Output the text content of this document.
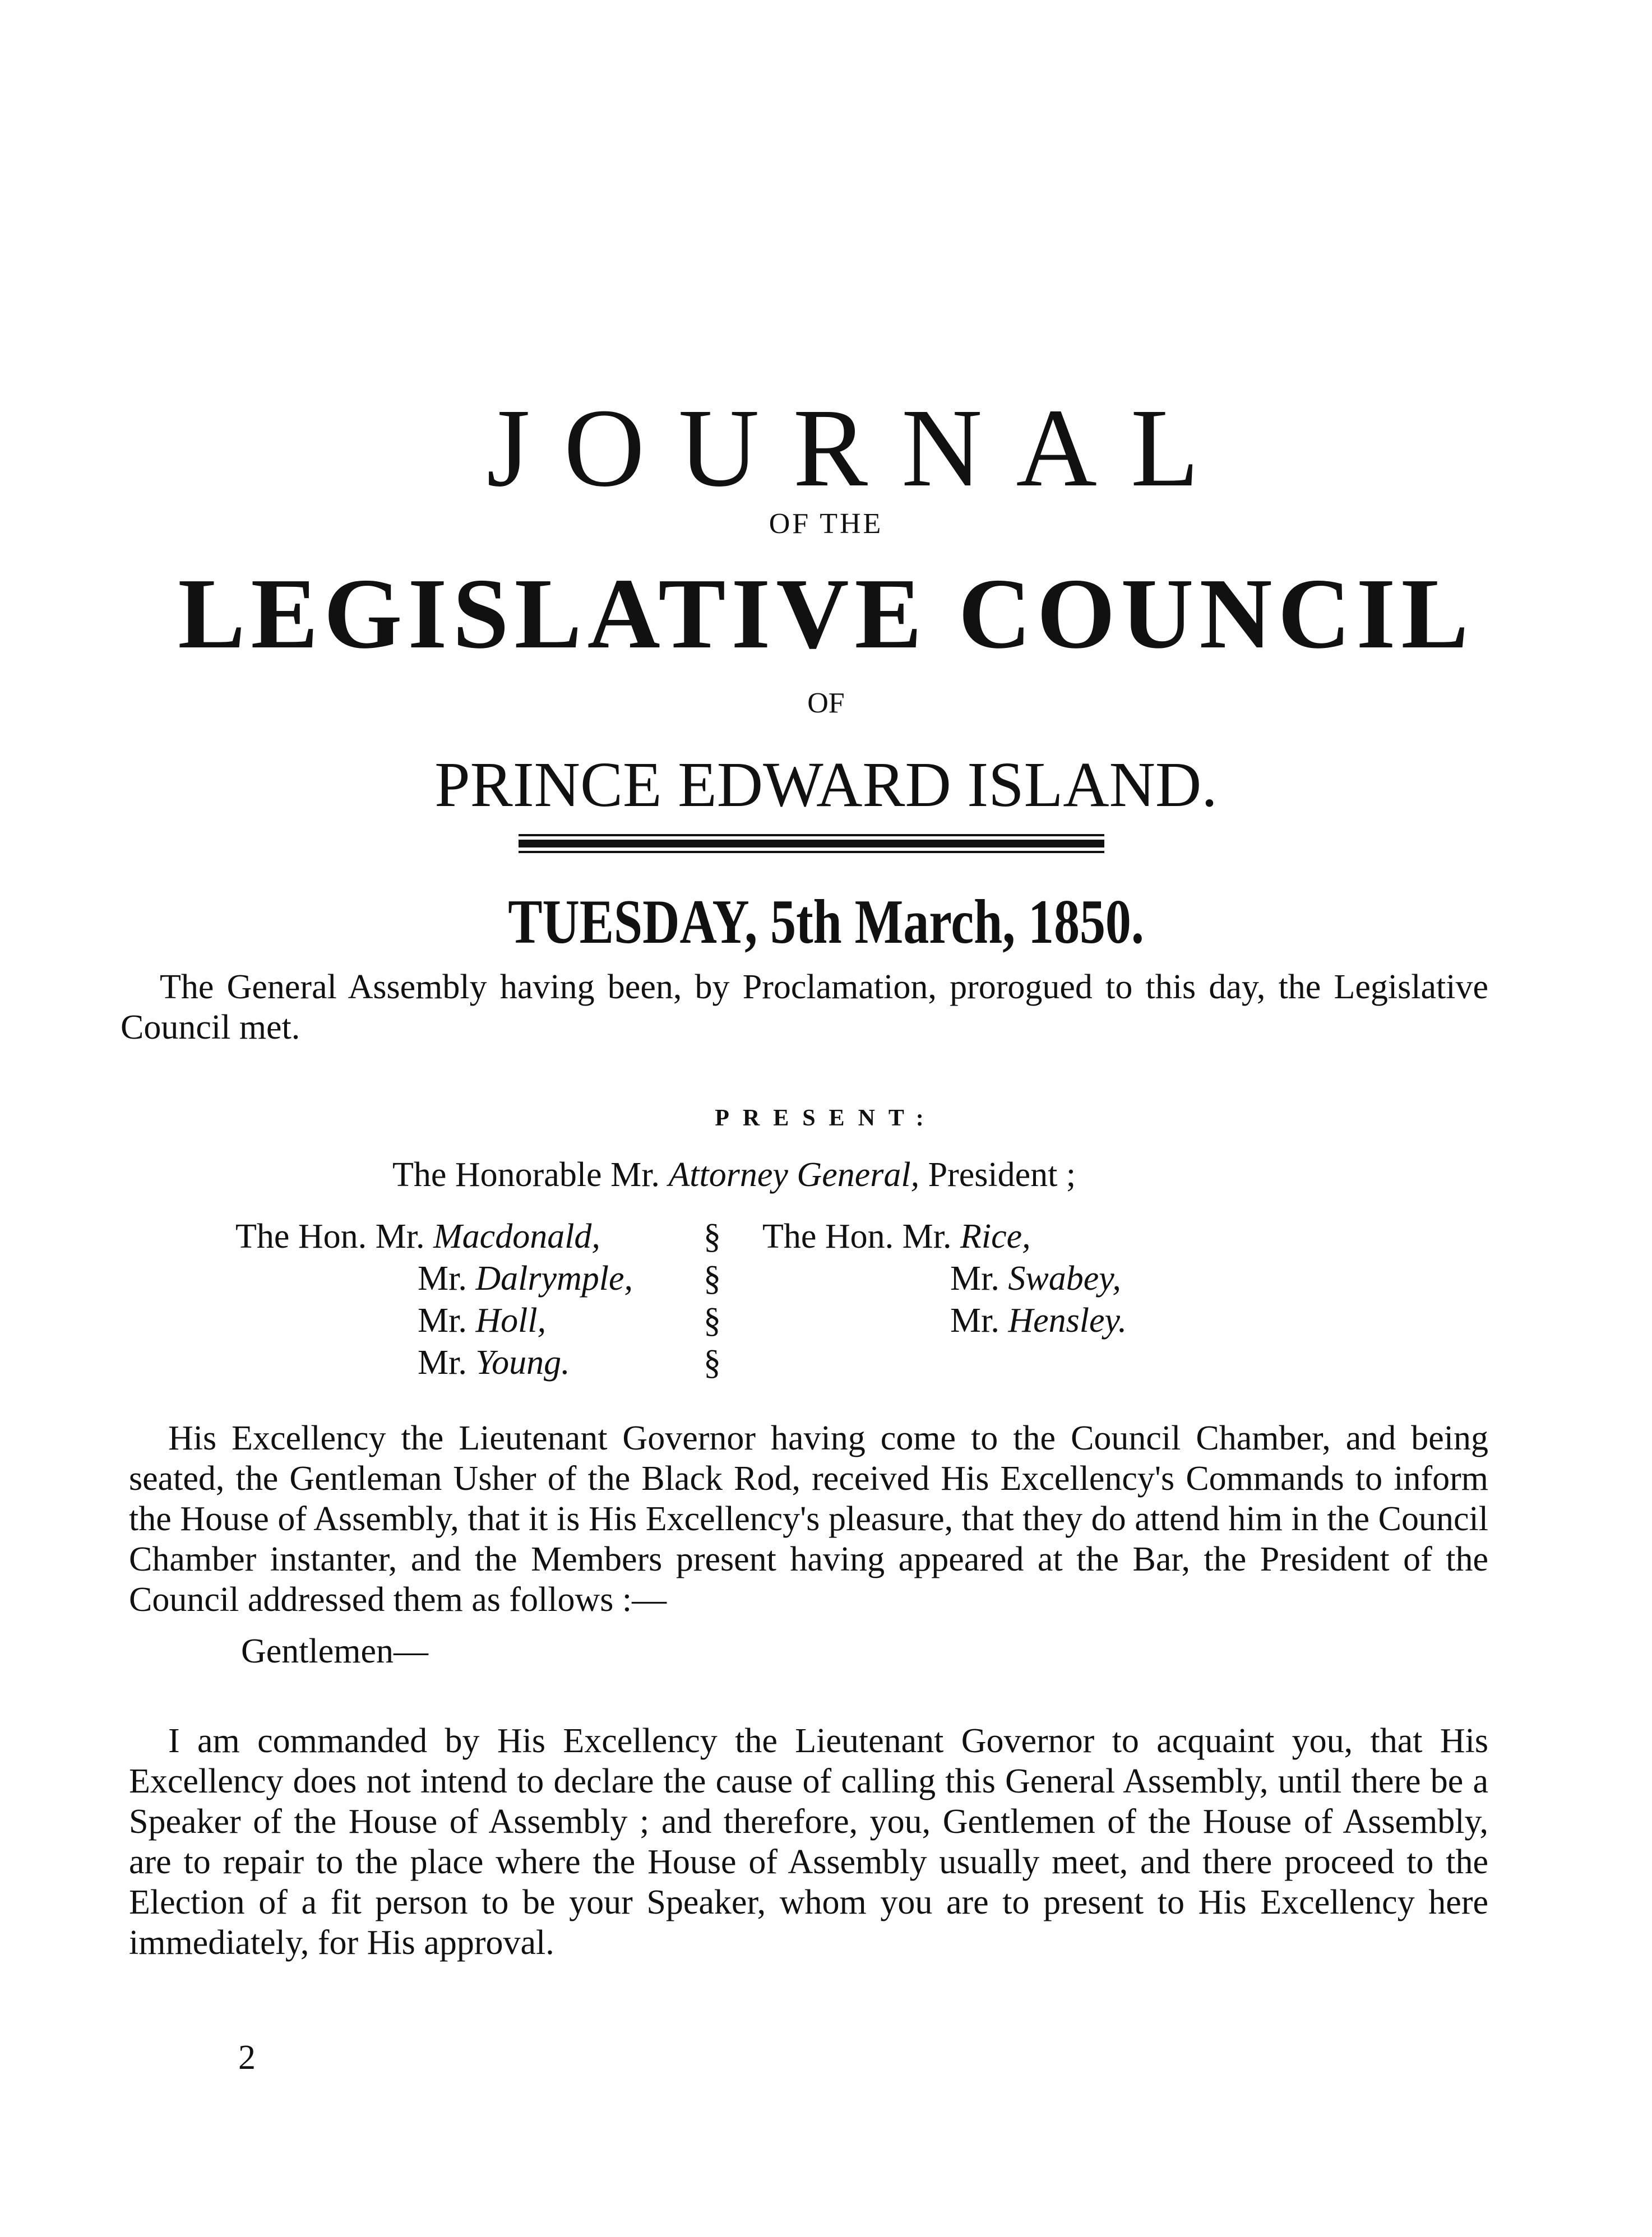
JOURNAL
OF THE
LEGISLATIVE COUNCIL
OF
PRINCE EDWARD ISLAND.
TUESDAY, 5th March, 1850.

The General Assembly having been, by Proclamation, prorogued to this day, the Legislative Council met.

PRESENT:
The Honorable Mr. Attorney General, President ;
The Hon. Mr. Macdonald,
Mr. Dalrymple,
Mr. Holl,
Mr. Young.
§
§
§
§
The Hon. Mr. Rice,
Mr. Swabey,
Mr. Hensley.

His Excellency the Lieutenant Governor having come to the Council Chamber, and being seated, the Gentleman Usher of the Black Rod, received His Excellency's Commands to inform the House of Assembly, that it is His Excellency's pleasure, that they do attend him in the Council Chamber instanter, and the Members present having appeared at the Bar, the President of the Council addressed them as follows :—

Gentlemen—

I am commanded by His Excellency the Lieutenant Governor to acquaint you, that His Excellency does not intend to declare the cause of calling this General Assembly, until there be a Speaker of the House of Assembly ; and therefore, you, Gentlemen of the House of Assembly, are to repair to the place where the House of Assembly usually meet, and there proceed to the Election of a fit person to be your Speaker, whom you are to present to His Excellency here immediately, for His approval.

2
